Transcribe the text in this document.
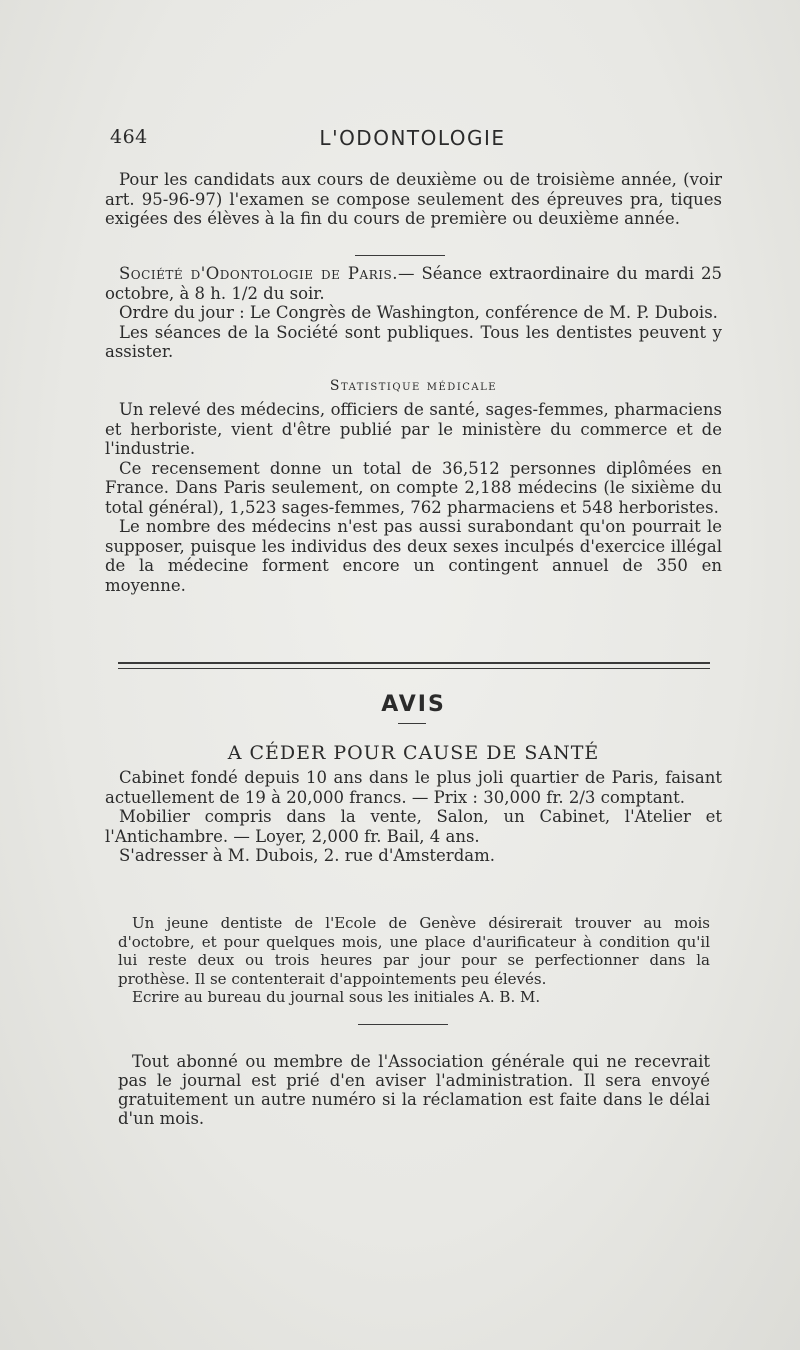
464	L'ODONTOLOGIE

Pour les candidats aux cours de deuxième ou de troisième année, (voir art. 95-96-97) l'examen se compose seulement des épreuves pra, tiques exigées des élèves à la fin du cours de première ou deuxième année.

Société d'Odontologie de Paris.— Séance extraordinaire du mardi 25 octobre, à 8 h. 1/2 du soir.

Ordre du jour : Le Congrès de Washington, conférence de M. P. Dubois.

Les séances de la Société sont publiques. Tous les dentistes peuvent y assister.

Statistique médicale

Un relevé des médecins, officiers de santé, sages-femmes, pharmaciens et herboriste, vient d'être publié par le ministère du commerce et de l'industrie.

Ce recensement donne un total de 36,512 personnes diplômées en France. Dans Paris seulement, on compte 2,188 médecins (le sixième du total général), 1,523 sages-femmes, 762 pharmaciens et 548 herboristes.

Le nombre des médecins n'est pas aussi surabondant qu'on pourrait le supposer, puisque les individus des deux sexes inculpés d'exercice illégal de la médecine forment encore un contingent annuel de 350 en moyenne.

AVIS
A CÉDER POUR CAUSE DE SANTÉ

Cabinet fondé depuis 10 ans dans le plus joli quartier de Paris, faisant actuellement de 19 à 20,000 francs. — Prix : 30,000 fr. 2/3 comptant.

Mobilier compris dans la vente, Salon, un Cabinet, l'Atelier et l'Antichambre. — Loyer, 2,000 fr. Bail, 4 ans.

S'adresser à M. Dubois, 2. rue d'Amsterdam.

Un jeune dentiste de l'Ecole de Genève désirerait trouver au mois d'octobre, et pour quelques mois, une place d'aurificateur à condition qu'il lui reste deux ou trois heures par jour pour se perfectionner dans la prothèse. Il se contenterait d'appointements peu élevés.

Ecrire au bureau du journal sous les initiales A. B. M.

Tout abonné ou membre de l'Association générale qui ne recevrait pas le journal est prié d'en aviser l'administration. Il sera envoyé gratuitement un autre numéro si la réclamation est faite dans le délai d'un mois.
